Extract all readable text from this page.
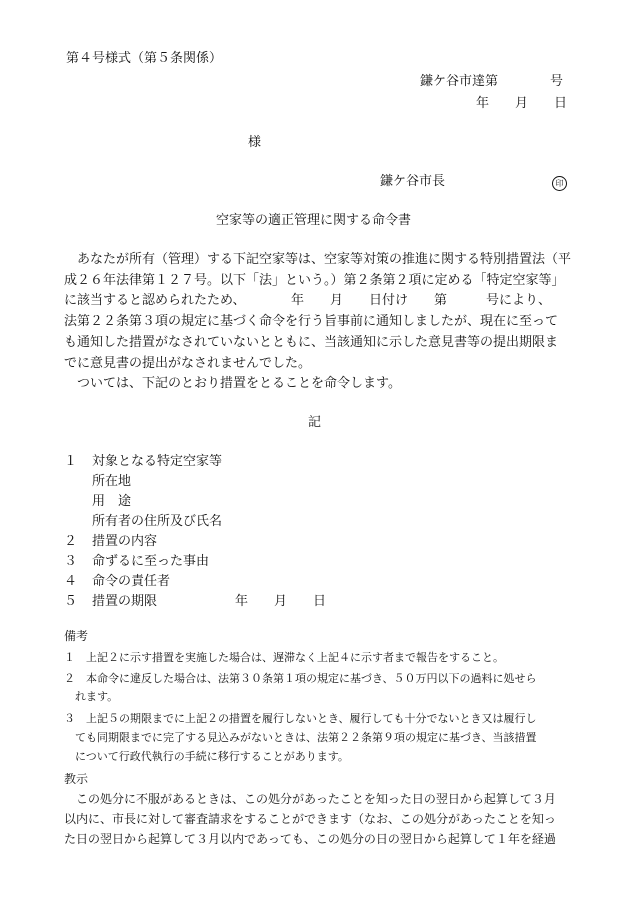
第４号様式（第５条関係）
鎌ケ谷市達第　　　　号
年　　月　　日
様
鎌ケ谷市長	印
空家等の適正管理に関する命令書
　あなたが所有（管理）する下記空家等は、空家等対策の推進に関する特別措置法（平
成２６年法律第１２７号。以下「法」という。）第２条第２項に定める「特定空家等」
に該当すると認められたため、　　　　年　　月　　日付け　　第　　　号により、
法第２２条第３項の規定に基づく命令を行う旨事前に通知しましたが、現在に至って
も通知した措置がなされていないとともに、当該通知に示した意見書等の提出期限ま
でに意見書の提出がなされませんでした。
　ついては、下記のとおり措置をとることを命令します。
記
１ 対象となる特定空家等
所在地
用　途
所有者の住所及び氏名
２ 措置の内容
３ 命ずるに至った事由
４ 命令の責任者
５ 措置の期限　　　　　　年　　月　　日
備考
１　上記２に示す措置を実施した場合は、遅滞なく上記４に示す者まで報告をすること。
２　本命令に違反した場合は、法第３０条第１項の規定に基づき、５０万円以下の過料に処せら
　れます。
３　上記５の期限までに上記２の措置を履行しないとき、履行しても十分でないとき又は履行し
　ても同期限までに完了する見込みがないときは、法第２２条第９項の規定に基づき、当該措置
　について行政代執行の手続に移行することがあります。
教示
　この処分に不服があるときは、この処分があったことを知った日の翌日から起算して３月
以内に、市長に対して審査請求をすることができます（なお、この処分があったことを知っ
た日の翌日から起算して３月以内であっても、この処分の日の翌日から起算して１年を経過
